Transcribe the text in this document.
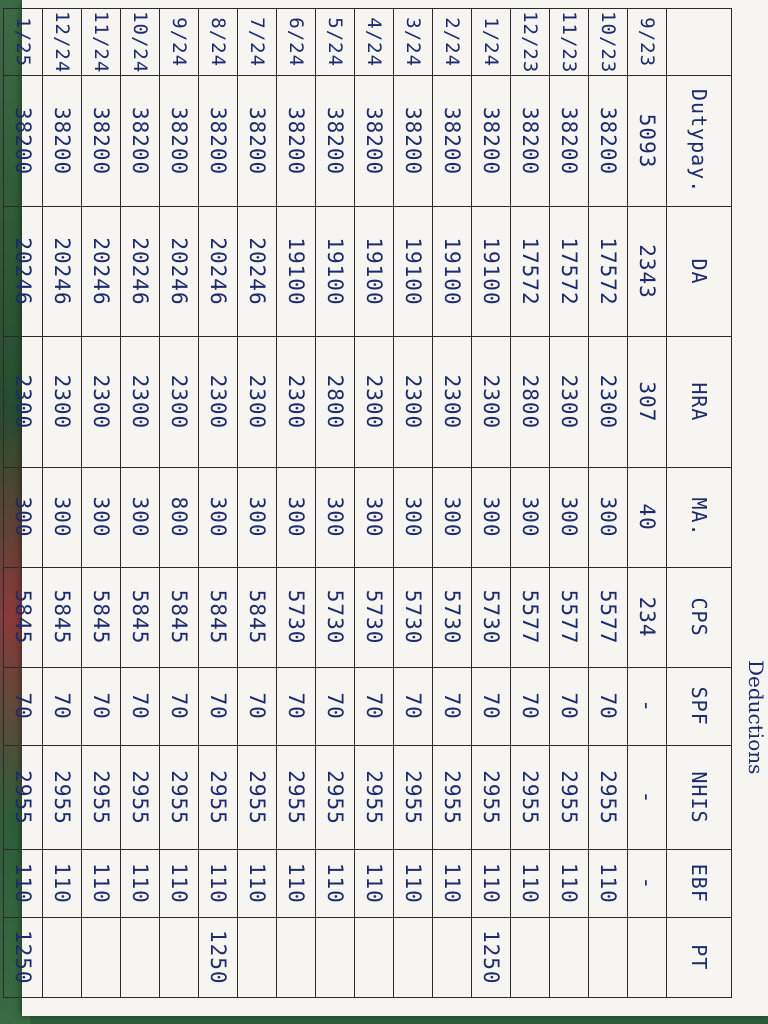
Deductions
	Dutypay.	DA	HRA	MA.	CPS	SPF	NHIS	EBF	PT
9/23	5093	2343	307	40	234	-	-	-	
10/23	38200	17572	2300	300	5577	70	2955	110	
11/23	38200	17572	2300	300	5577	70	2955	110	
12/23	38200	17572	2800	300	5577	70	2955	110	
1/24	38200	19100	2300	300	5730	70	2955	110	1250
2/24	38200	19100	2300	300	5730	70	2955	110	
3/24	38200	19100	2300	300	5730	70	2955	110	
4/24	38200	19100	2300	300	5730	70	2955	110	
5/24	38200	19100	2800	300	5730	70	2955	110	
6/24	38200	19100	2300	300	5730	70	2955	110	
7/24	38200	20246	2300	300	5845	70	2955	110	
8/24	38200	20246	2300	300	5845	70	2955	110	1250
9/24	38200	20246	2300	800	5845	70	2955	110	
10/24	38200	20246	2300	300	5845	70	2955	110	
11/24	38200	20246	2300	300	5845	70	2955	110	
12/24	38200	20246	2300	300	5845	70	2955	110	
1/25	38200	20246	2300	300	5845	70	2955	110	1250
